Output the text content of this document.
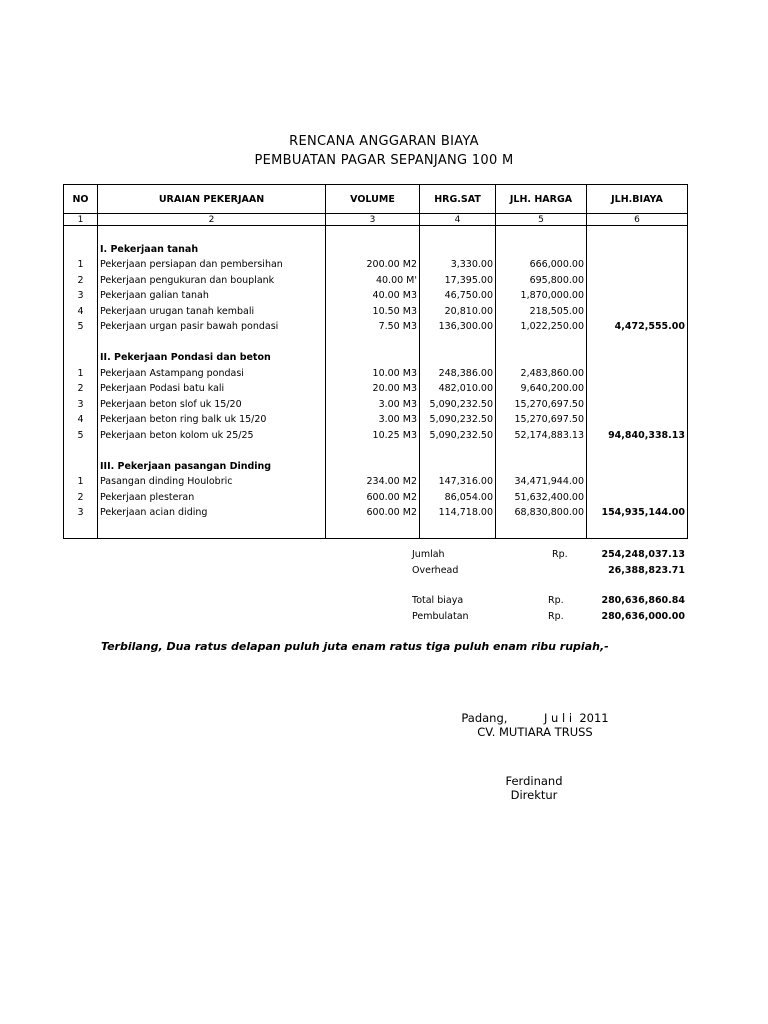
RENCANA ANGGARAN BIAYA
PEMBUATAN PAGAR SEPANJANG 100 M
NO	URAIAN PEKERJAAN	VOLUME	HRG.SAT	JLH. HARGA	JLH.BIAYA
1	2	3	4	5	6

	I. Pekerjaan tanah				
1	Pekerjaan persiapan dan pembersihan	200.00 M2	3,330.00	666,000.00	
2	Pekerjaan pengukuran dan bouplank	40.00 M'	17,395.00	695,800.00	
3	Pekerjaan galian tanah	40.00 M3	46,750.00	1,870,000.00	
4	Pekerjaan urugan tanah kembali	10.50 M3	20,810.00	218,505.00	
5	Pekerjaan urgan pasir bawah pondasi	7.50 M3	136,300.00	1,022,250.00	4,472,555.00

	II. Pekerjaan Pondasi dan beton				
1	Pekerjaan Astampang pondasi	10.00 M3	248,386.00	2,483,860.00	
2	Pekerjaan Podasi batu kali	20.00 M3	482,010.00	9,640,200.00	
3	Pekerjaan beton slof uk 15/20	3.00 M3	5,090,232.50	15,270,697.50	
4	Pekerjaan beton ring balk uk 15/20	3.00 M3	5,090,232.50	15,270,697.50	
5	Pekerjaan beton kolom uk 25/25	10.25 M3	5,090,232.50	52,174,883.13	94,840,338.13

	III. Pekerjaan pasangan Dinding				
1	Pasangan dinding Houlobric	234.00 M2	147,316.00	34,471,944.00	
2	Pekerjaan plesteran	600.00 M2	86,054.00	51,632,400.00	
3	Pekerjaan acian diding	600.00 M2	114,718.00	68,830,800.00	154,935,144.00

Jumlah	Rp.	254,248,037.13
Overhead	26,388,823.71
Total biaya	Rp.	280,636,860.84
Pembulatan	Rp.	280,636,000.00
Terbilang, Dua ratus delapan puluh juta enam ratus tiga puluh enam ribu rupiah,-
Padang,          J u l i  2011
CV. MUTIARA TRUSS
Ferdinand
Direktur
